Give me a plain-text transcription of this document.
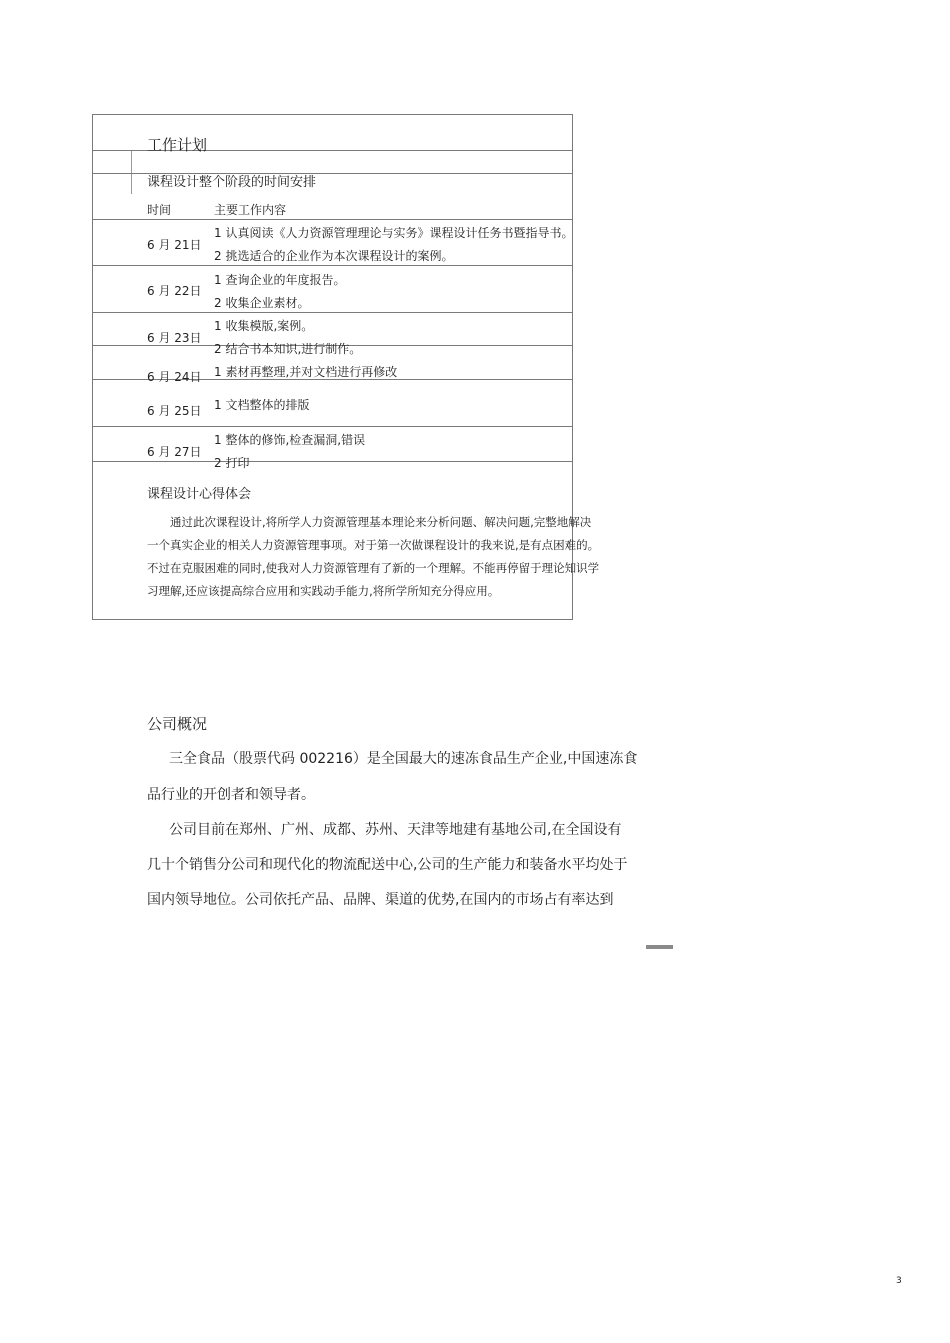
工作计划
课程设计整个阶段的时间安排
时间	主要工作内容
6 月 21日
1 认真阅读《人力资源管理理论与实务》课程设计任务书暨指导书。
2 挑选适合的企业作为本次课程设计的案例。
6 月 22日
1 查询企业的年度报告。
2 收集企业素材。
6 月 23日
1 收集模版,案例。
2 结合书本知识,进行制作。
6 月 24日 1 素材再整理,并对文档进行再修改
6 月 25日 1 文档整体的排版
6 月 27日
1 整体的修饰,检查漏洞,错误
2 打印
课程设计心得体会
通过此次课程设计,将所学人力资源管理基本理论来分析问题、解决问题,完整地解决
一个真实企业的相关人力资源管理事项。对于第一次做课程设计的我来说,是有点困难的。
不过在克服困难的同时,使我对人力资源管理有了新的一个理解。不能再停留于理论知识学
习理解,还应该提高综合应用和实践动手能力,将所学所知充分得应用。
公司概况
三全食品（股票代码 002216）是全国最大的速冻食品生产企业,中国速冻食
品行业的开创者和领导者。
公司目前在郑州、广州、成都、苏州、天津等地建有基地公司,在全国设有
几十个销售分公司和现代化的物流配送中心,公司的生产能力和装备水平均处于
国内领导地位。公司依托产品、品牌、渠道的优势,在国内的市场占有率达到
3
